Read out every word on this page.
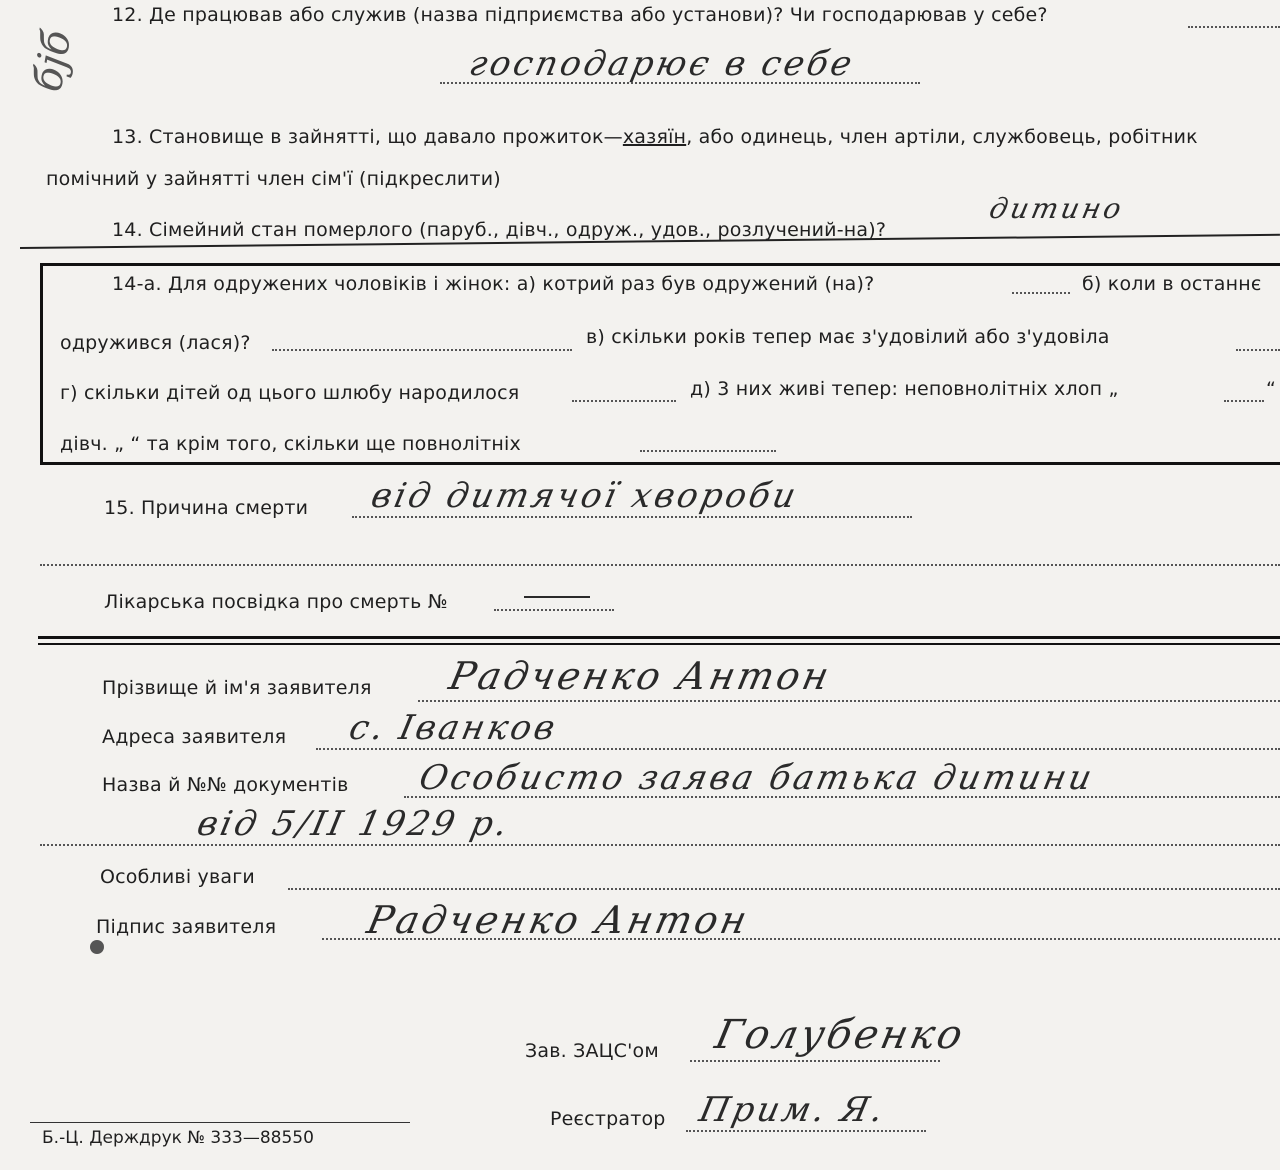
бjб
12. Де працював або служив (назва підприємства або установи)? Чи господарював у себе?
господарює в себе
13. Становище в зайнятті, що давало прожиток—хазяїн, або одинець, член артіли, службовець, робітник
помічний у зайнятті член сім'ї (підкреслити)
14. Сімейний стан померлого (паруб., дівч., одруж., удов., розлучений-на)?
дитино
14-а. Для одружених чоловіків і жінок: а) котрий раз був одружений (на)?	б) коли в останнє
одружився (лася)?	в) скільки років тепер має з'удовілий або з'удовіла
г) скільки дітей од цього шлюбу народилося	д) 3 них живі тепер: неповнолітніх хлоп „	“
дівч. „ “ та крім того, скільки ще повнолітніх
15. Причина смерти від дитячої хвороби
Лікарська посвідка про смерть №
Прізвище й ім'я заявителя Радченко Антон
Адреса заявителя с. Іванков
Назва й №№ документів Особисто заява батька дитини
від 5/II 1929 р.
Особливі уваги
Підпис заявителя Радченко Антон
Зав. ЗАЦС'ом Голубенко
Реєстратор Прим. Я.
Б.-Ц. Держдрук № 333—88550
